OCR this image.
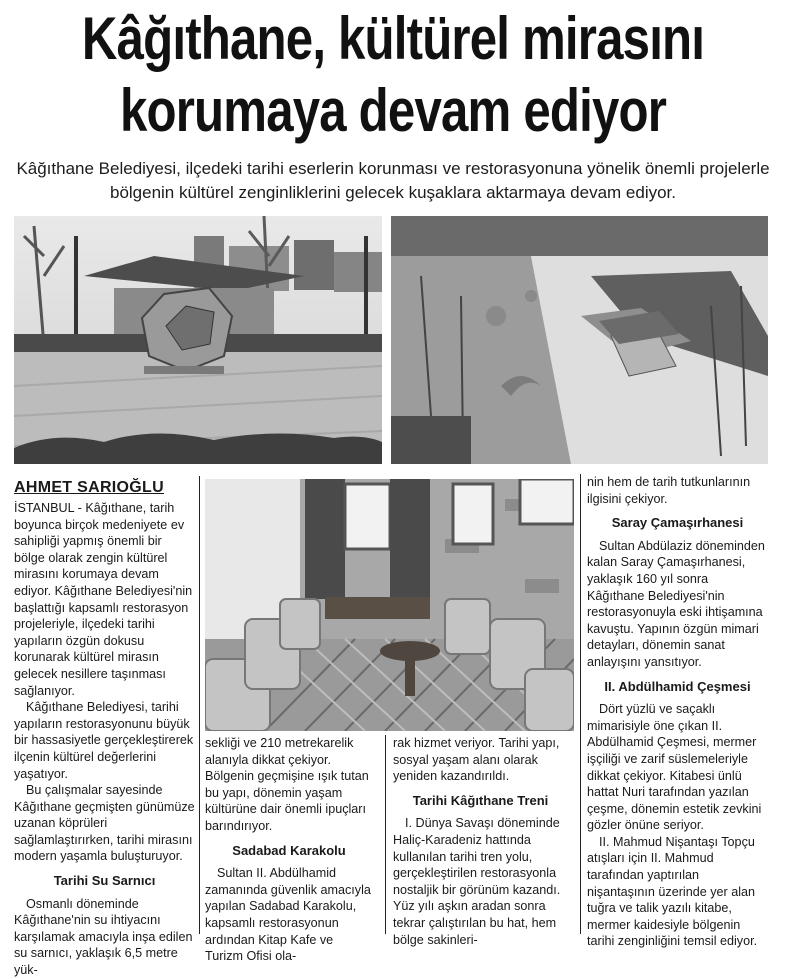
Kâğıthane, kültürel mirasını
korumaya devam ediyor
Kâğıthane Belediyesi, ilçedeki tarihi eserlerin korunması ve restorasyonuna yönelik önemli projelerle bölgenin kültürel zenginliklerini gelecek kuşaklara aktarmaya devam ediyor.
AHMET SARIOĞLU

İSTANBUL - Kâğıthane, tarih boyunca birçok medeniyete ev sahipliği yapmış önemli bir bölge olarak zengin kültürel mirasını korumaya devam ediyor. Kâğıthane Belediyesi'nin başlattığı kapsamlı restorasyon projeleriyle, ilçedeki tarihi yapıların özgün dokusu korunarak kültürel mirasın gelecek nesillere taşınması sağlanıyor.

Kâğıthane Belediyesi, tarihi yapıların restorasyonunu büyük bir hassasiyetle gerçekleştirerek ilçenin kültürel değerlerini yaşatıyor.

Bu çalışmalar sayesinde Kâğıthane geçmişten günümüze uzanan köprüleri sağlamlaştırırken, tarihi mirasını modern yaşamla buluşturuyor.

Tarihi Su Sarnıcı

Osmanlı döneminde Kâğıthane'nin su ihtiyacını karşılamak amacıyla inşa edilen su sarnıcı, yaklaşık 6,5 metre yük-

sekliği ve 210 metrekarelik alanıyla dikkat çekiyor. Bölgenin geçmişine ışık tutan bu yapı, dönemin yaşam kültürüne dair önemli ipuçları barındırıyor.

Sadabad Karakolu

Sultan II. Abdülhamid zamanında güvenlik amacıyla yapılan Sadabad Karakolu, kapsamlı restorasyonun ardından Kitap Kafe ve Turizm Ofisi ola-

rak hizmet veriyor. Tarihi yapı, sosyal yaşam alanı olarak yeniden kazandırıldı.

Tarihi Kâğıthane Treni

I. Dünya Savaşı döneminde Haliç-Karadeniz hattında kullanılan tarihi tren yolu, gerçekleştirilen restorasyonla nostaljik bir görünüm kazandı. Yüz yılı aşkın aradan sonra tekrar çalıştırılan bu hat, hem bölge sakinleri-

nin hem de tarih tutkunlarının ilgisini çekiyor.

Saray Çamaşırhanesi

Sultan Abdülaziz döneminden kalan Saray Çamaşırhanesi, yaklaşık 160 yıl sonra Kâğıthane Belediyesi'nin restorasyonuyla eski ihtişamına kavuştu. Yapının özgün mimari detayları, dönemin sanat anlayışını yansıtıyor.

II. Abdülhamid Çeşmesi

Dört yüzlü ve saçaklı mimarisiyle öne çıkan II. Abdülhamid Çeşmesi, mermer işçiliği ve zarif süslemeleriyle dikkat çekiyor. Kitabesi ünlü hattat Nuri tarafından yazılan çeşme, dönemin estetik zevkini gözler önüne seriyor.

II. Mahmud Nişantaşı Topçu atışları için II. Mahmud tarafından yaptırılan nişantaşının üzerinde yer alan tuğra ve talik yazılı kitabe, mermer kaidesiyle bölgenin tarihi zenginliğini temsil ediyor.
